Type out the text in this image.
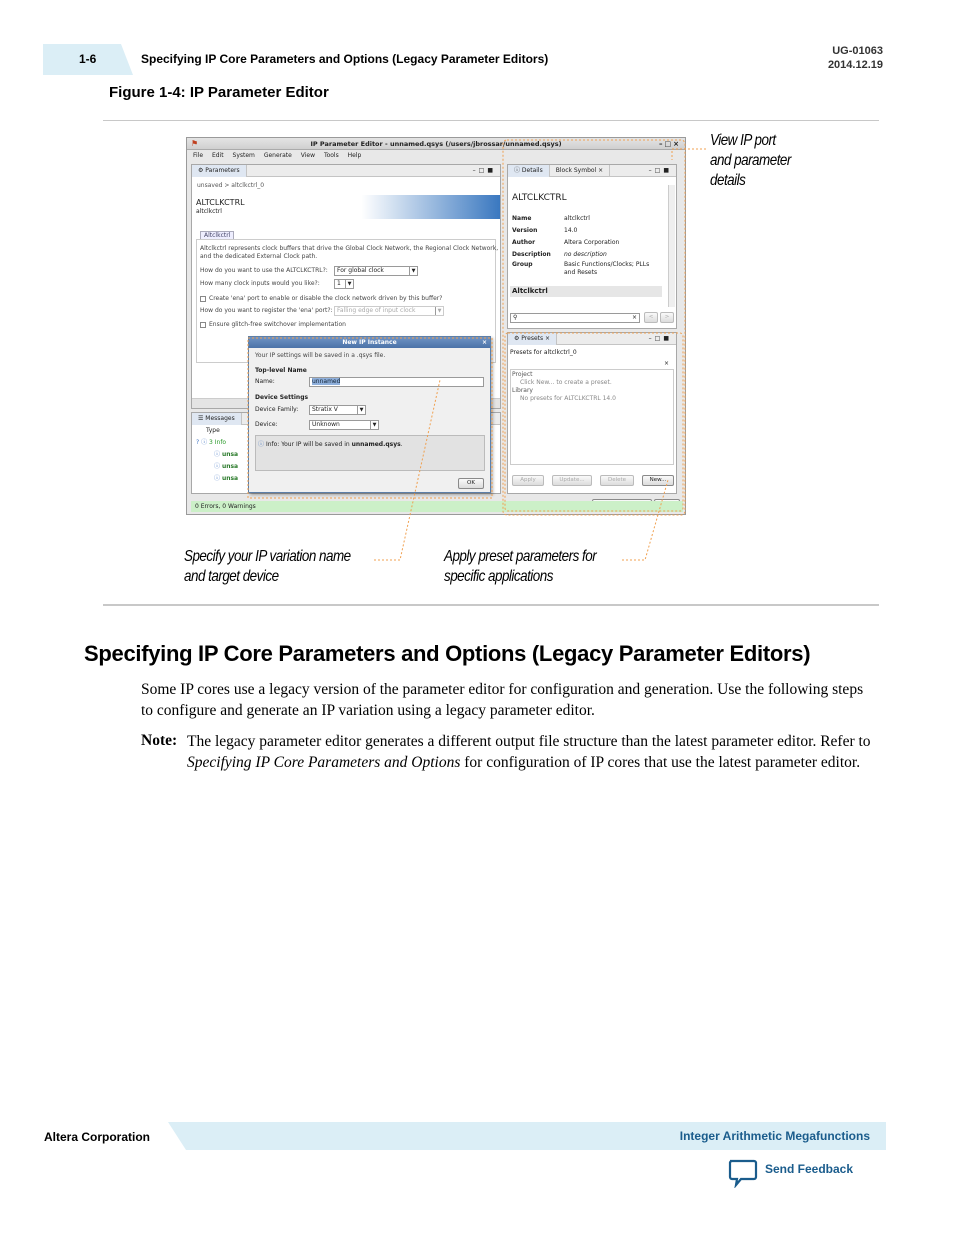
1-6	Specifying IP Core Parameters and Options (Legacy Parameter Editors)
UG-01063
2014.12.19
Figure 1-4: IP Parameter Editor
⚑	IP Parameter Editor - unnamed.qsys (/users/jbrossar/unnamed.qsys)	–□×
File Edit System Generate View Tools Help
⚙ Parameters	–□■
unsaved > altclkctrl_0
ALTCLKCTRL
altclkctrl
Altclkctrl
Altclkctrl represents clock buffers that drive the Global Clock Network, the Regional Clock Network, and the dedicated External Clock path.
How do you want to use the ALTCLKCTRL?:	For global clock	▼
How many clock inputs would you like?:	1	▼
Create 'ena' port to enable or disable the clock network driven by this buffer?
How do you want to register the 'ena' port?: Falling edge of input clock	▼
Ensure glitch-free switchover implementation
☰ Messages
Type
? ⓘ 3 Info
ⓘ unsa
ⓘ unsa
ⓘ unsa
New IP Instance	×
Your IP settings will be saved in a .qsys file.
Top-level Name
Name:	unnamed
Device Settings
Device Family:	Stratix V	▼
Device:	Unknown	▼
ⓘ Info: Your IP will be saved in unnamed.qsys.
OK
ⓘ Details Block Symbol ×	–□■
ALTCLKCTRL
Name	altclkctrl
Version	14.0
Author	Altera Corporation
Description no description
Group	Basic Functions/Clocks; PLLs and Resets
Altclkctrl
⚲	×	<	>
⚙ Presets ×	–□■
Presets for altclkctrl_0
×
Project
Click New... to create a preset.
Library
No presets for ALTCLKCTRL 14.0
Apply	Update...	Delete	New...
0 Errors, 0 Warnings
View IP port
and parameter
details
Specify your IP variation name
and target device
Apply preset parameters for
specific applications
Specifying IP Core Parameters and Options (Legacy Parameter Editors)

Some IP cores use a legacy version of the parameter editor for configuration and generation. Use the following steps to configure and generate an IP variation using a legacy parameter editor.

Note: The legacy parameter editor generates a different output file structure than the latest parameter editor. Refer to Specifying IP Core Parameters and Options for configuration of IP cores that use the latest parameter editor.

Altera Corporation	Integer Arithmetic Megafunctions
Send Feedback
